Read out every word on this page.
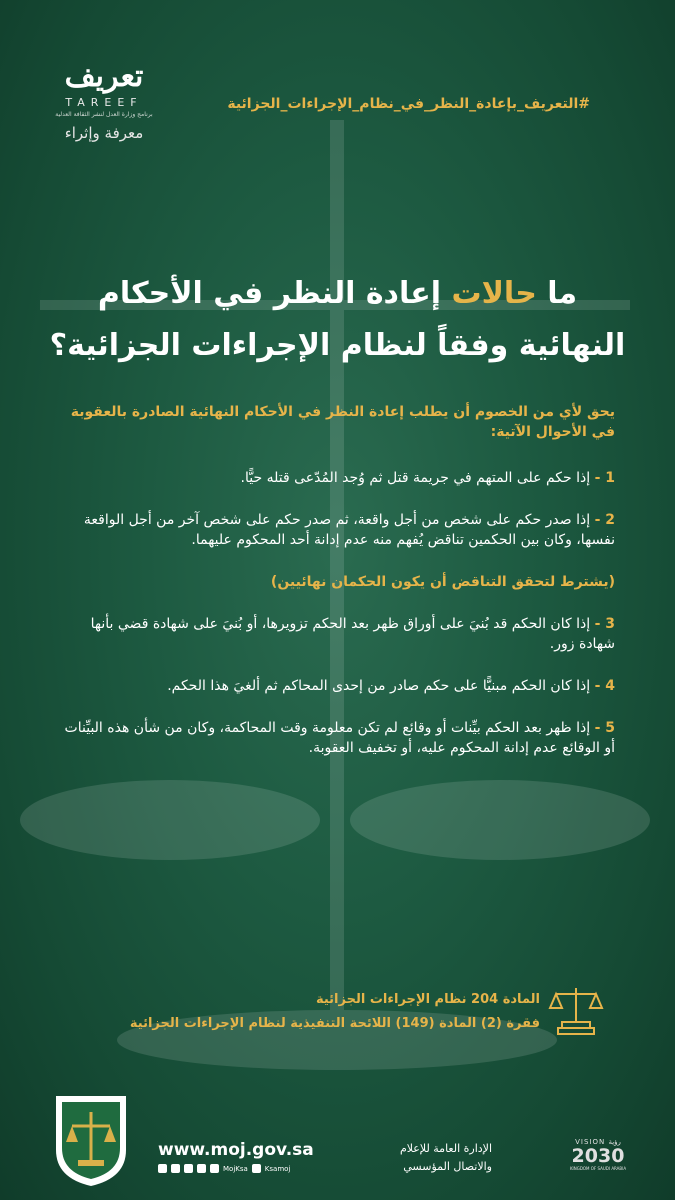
تعريف
TAREEF
برنامج وزارة العدل لنشر الثقافة العدلية
معرفة وإثراء
#التعريف_بإعادة_النظر_في_نظام_الإجراءات_الجزائية
ما حالات إعادة النظر في الأحكام
النهائية وفقاً لنظام الإجراءات الجزائية؟

يحق لأي من الخصوم أن يطلب إعادة النظر في الأحكام النهائية الصادرة بالعقوبة في الأحوال الآتية:

1 - إذا حكم على المتهم في جريمة قتل ثم وُجد المُدّعى قتله حيًّا.

2 - إذا صدر حكم على شخص من أجل واقعة، ثم صدر حكم على شخص آخر من أجل الواقعة نفسها، وكان بين الحكمين تناقض يُفهم منه عدم إدانة أحد المحكوم عليهما.

(يشترط لتحقق التناقض أن يكون الحكمان نهائيين)

3 - إذا كان الحكم قد بُنيَ على أوراق ظهر بعد الحكم تزويرها، أو بُنيَ على شهادة قضي بأنها شهادة زور.

4 - إذا كان الحكم مبنيًّا على حكم صادر من إحدى المحاكم ثم ألغيَ هذا الحكم.

5 - إذا ظهر بعد الحكم بيِّنات أو وقائع لم تكن معلومة وقت المحاكمة، وكان من شأن هذه البيِّنات أو الوقائع عدم إدانة المحكوم عليه، أو تخفيف العقوبة.

المادة 204 نظام الإجراءات الجزائية
فقرة (2) المادة (149) اللائحة التنفيذية لنظام الإجراءات الجزائية
www.moj.gov.sa
MojKsa Ksamoj
الإدارة العامة للإعلام
والاتصال المؤسسي
VISION رؤية
2030
KINGDOM OF SAUDI ARABIA
